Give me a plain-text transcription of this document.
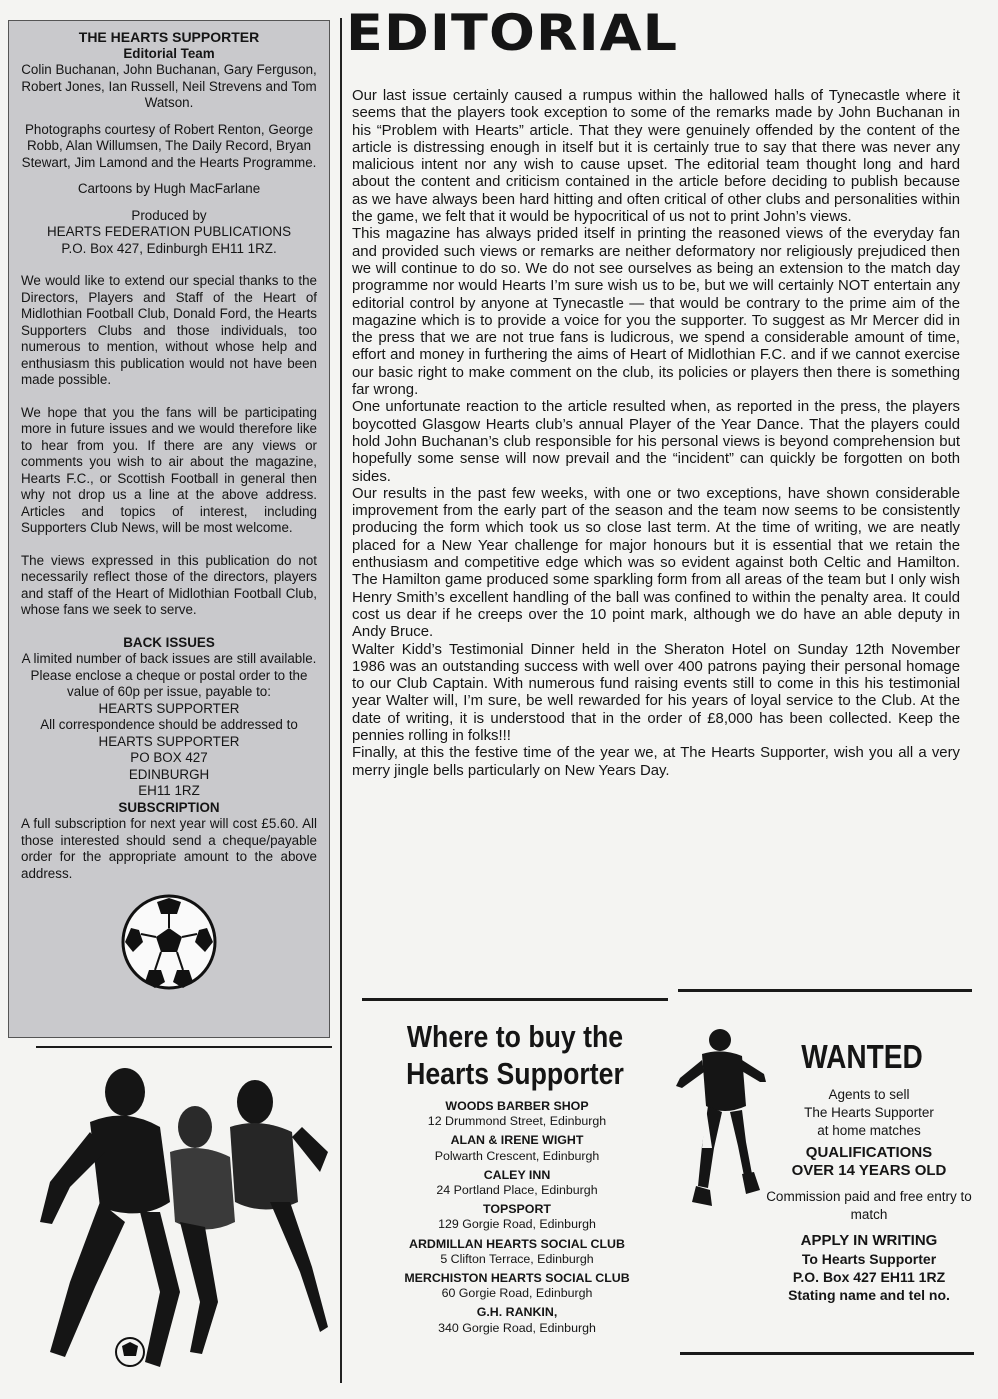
THE HEARTS SUPPORTER

Editorial Team

Colin Buchanan, John Buchanan, Gary Ferguson, Robert Jones, Ian Russell, Neil Strevens and Tom Watson.

Photographs courtesy of Robert Renton, George Robb, Alan Willumsen, The Daily Record, Bryan Stewart, Jim Lamond and the Hearts Programme.

Cartoons by Hugh MacFarlane

Produced by

HEARTS FEDERATION PUBLICATIONS

P.O. Box 427, Edinburgh EH11 1RZ.

We would like to extend our special thanks to the Directors, Players and Staff of the Heart of Midlothian Football Club, Donald Ford, the Hearts Supporters Clubs and those individuals, too numerous to mention, without whose help and enthusiasm this publication would not have been made possible.

We hope that you the fans will be participating more in future issues and we would therefore like to hear from you. If there are any views or comments you wish to air about the magazine, Hearts F.C., or Scottish Football in general then why not drop us a line at the above address. Articles and topics of interest, including Supporters Club News, will be most welcome.

The views expressed in this publication do not necessarily reflect those of the directors, players and staff of the Heart of Midlothian Football Club, whose fans we seek to serve.

BACK ISSUES

A limited number of back issues are still available. Please enclose a cheque or postal order to the value of 60p per issue, payable to:

HEARTS SUPPORTER

All correspondence should be addressed to

HEARTS SUPPORTER

PO BOX 427

EDINBURGH

EH11 1RZ

SUBSCRIPTION

A full subscription for next year will cost £5.60. All those interested should send a cheque/payable order for the appropriate amount to the above address.

EDITORIAL

Our last issue certainly caused a rumpus within the hallowed halls of Tynecastle where it seems that the players took exception to some of the remarks made by John Buchanan in his “Problem with Hearts” article. That they were genuinely offended by the content of the article is distressing enough in itself but it is certainly true to say that there was never any malicious intent nor any wish to cause upset. The editorial team thought long and hard about the content and criticism contained in the article before deciding to publish because as we have always been hard hitting and often critical of other clubs and personalities within the game, we felt that it would be hypocritical of us not to print John’s views.

This magazine has always prided itself in printing the reasoned views of the everyday fan and provided such views or remarks are neither deformatory nor religiously prejudiced then we will continue to do so. We do not see ourselves as being an extension to the match day programme nor would Hearts I’m sure wish us to be, but we will certainly NOT entertain any editorial control by anyone at Tynecastle — that would be contrary to the prime aim of the magazine which is to provide a voice for you the supporter. To suggest as Mr Mercer did in the press that we are not true fans is ludicrous, we spend a considerable amount of time, effort and money in furthering the aims of Heart of Midlothian F.C. and if we cannot exercise our basic right to make comment on the club, its policies or players then there is something far wrong.

One unfortunate reaction to the article resulted when, as reported in the press, the players boycotted Glasgow Hearts club’s annual Player of the Year Dance. That the players could hold John Buchanan’s club responsible for his personal views is beyond comprehension but hopefully some sense will now prevail and the “incident” can quickly be forgotten on both sides.

Our results in the past few weeks, with one or two exceptions, have shown considerable improvement from the early part of the season and the team now seems to be consistently producing the form which took us so close last term. At the time of writing, we are neatly placed for a New Year challenge for major honours but it is essential that we retain the enthusiasm and competitive edge which was so evident against both Celtic and Hamilton. The Hamilton game produced some sparkling form from all areas of the team but I only wish Henry Smith’s excellent handling of the ball was confined to within the penalty area. It could cost us dear if he creeps over the 10 point mark, although we do have an able deputy in Andy Bruce.

Walter Kidd’s Testimonial Dinner held in the Sheraton Hotel on Sunday 12th November 1986 was an outstanding success with well over 400 patrons paying their personal homage to our Club Captain. With numerous fund raising events still to come in this his testimonial year Walter will, I’m sure, be well rewarded for his years of loyal service to the Club. At the date of writing, it is understood that in the order of £8,000 has been collected. Keep the pennies rolling in folks!!!

Finally, at this the festive time of the year we, at The Hearts Supporter, wish you all a very merry jingle bells particularly on New Years Day.

Where to buy the
Hearts Supporter
WOODS BARBER SHOP
12 Drummond Street, Edinburgh
ALAN & IRENE WIGHT
Polwarth Crescent, Edinburgh
CALEY INN
24 Portland Place, Edinburgh
TOPSPORT
129 Gorgie Road, Edinburgh
ARDMILLAN HEARTS SOCIAL CLUB
5 Clifton Terrace, Edinburgh
MERCHISTON HEARTS SOCIAL CLUB
60 Gorgie Road, Edinburgh
G.H. RANKIN,
340 Gorgie Road, Edinburgh
WANTED

Agents to sell

The Hearts Supporter

at home matches

QUALIFICATIONS

OVER 14 YEARS OLD

Commission paid and free entry to match

APPLY IN WRITING

To Hearts Supporter

P.O. Box 427 EH11 1RZ

Stating name and tel no.
